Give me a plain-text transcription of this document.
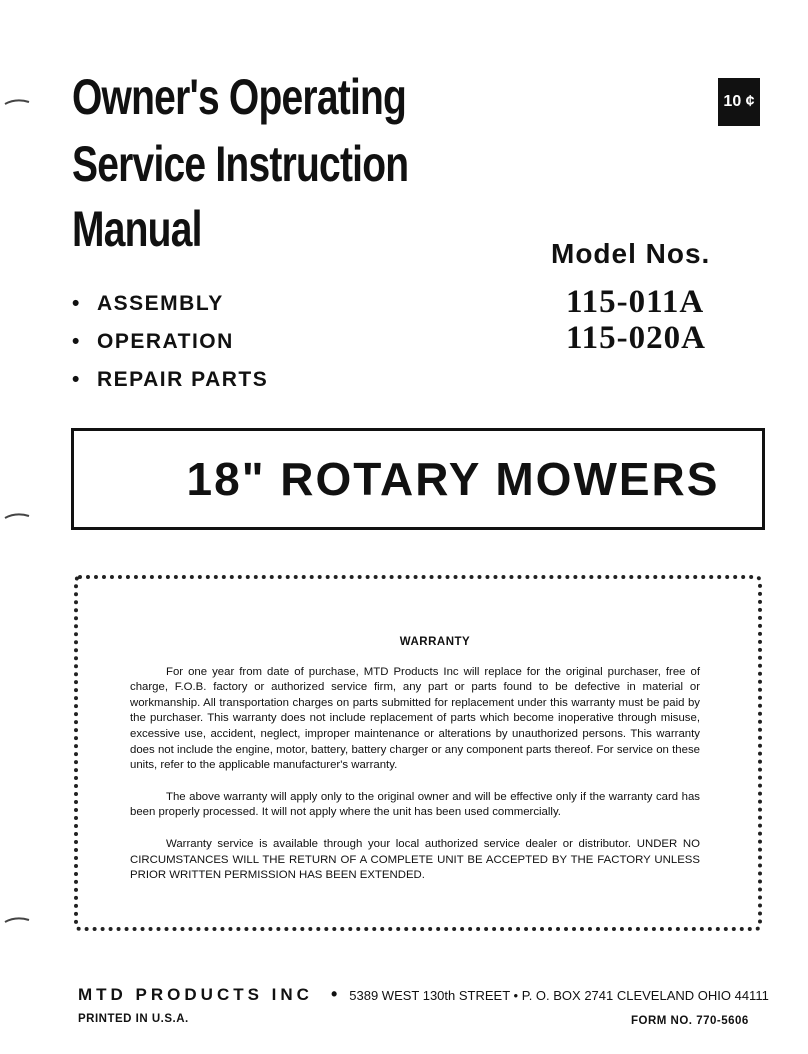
Owner's Operating
Service Instruction
Manual
10 ¢
Model Nos.
115-011A
115-020A
• ASSEMBLY
• OPERATION
• REPAIR PARTS
18" ROTARY MOWERS
WARRANTY

For one year from date of purchase, MTD Products Inc will replace for the original purchaser, free of charge, F.O.B. factory or authorized service firm, any part or parts found to be defective in material or workmanship. All transportation charges on parts submitted for replacement under this warranty must be paid by the purchaser. This warranty does not include replacement of parts which become inoperative through misuse, excessive use, accident, neglect, improper maintenance or alterations by unauthorized persons. This warranty does not include the engine, motor, battery, battery charger or any component parts thereof. For service on these units, refer to the applicable manufacturer's warranty.

The above warranty will apply only to the original owner and will be effective only if the warranty card has been properly processed. It will not apply where the unit has been used commercially.

Warranty service is available through your local authorized service dealer or distributor. UNDER NO CIRCUMSTANCES WILL THE RETURN OF A COMPLETE UNIT BE ACCEPTED BY THE FACTORY UNLESS PRIOR WRITTEN PERMISSION HAS BEEN EXTENDED.

MTD PRODUCTS INC • 5389 WEST 130th STREET • P. O. BOX 2741 CLEVELAND OHIO 44111
PRINTED IN U.S.A.	FORM NO. 770-5606
